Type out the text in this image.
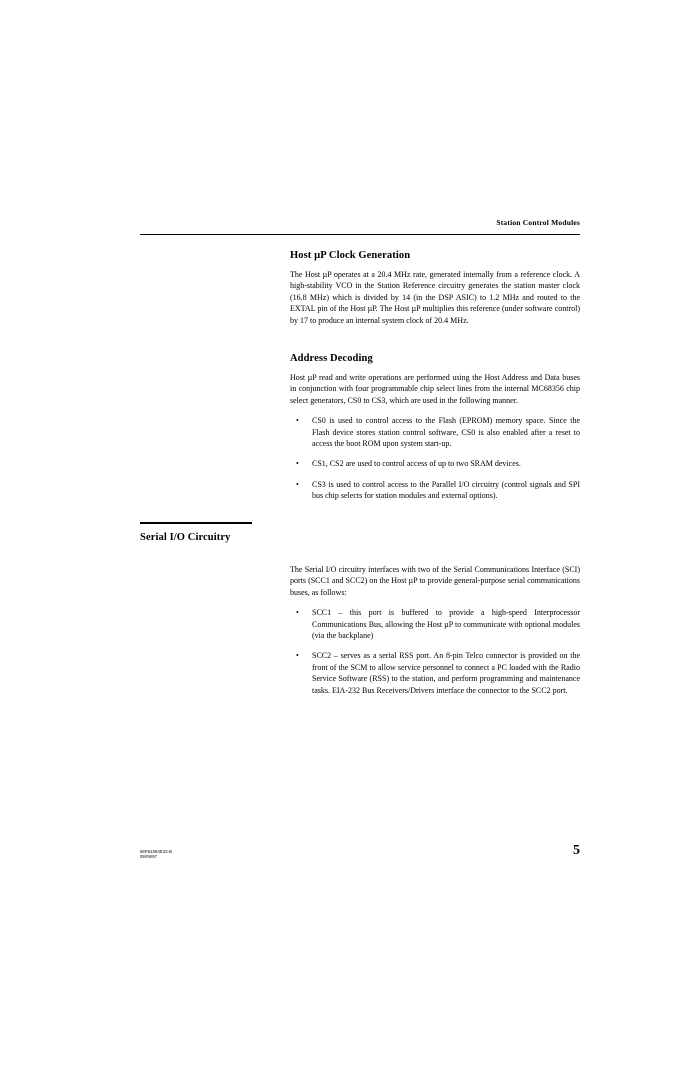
Station Control Modules
Host µP Clock Generation

The Host µP operates at a 20.4 MHz rate, generated internally from a reference clock. A high-stability VCO in the Station Reference circuitry generates the station master clock (16.8 MHz) which is divided by 14 (in the DSP ASIC) to 1.2 MHz and routed to the EXTAL pin of the Host µP. The Host µP multiplies this reference (under software control) by 17 to produce an internal system clock of 20.4 MHz.

Address Decoding

Host µP read and write operations are performed using the Host Address and Data buses in conjunction with four programmable chip select lines from the internal MC68356 chip select generators, CS0 to CS3, which are used in the following manner.

• CS0 is used to control access to the Flash (EPROM) memory space. Since the Flash device stores station control software, CS0 is also enabled after a reset to access the boot ROM upon system start-up.
• CS1, CS2 are used to control access of up to two SRAM devices.
• CS3 is used to control access to the Parallel I/O circuitry (control signals and SPI bus chip selects for station modules and external options).
Serial I/O Circuitry

The Serial I/O circuitry interfaces with two of the Serial Communications Interface (SCI) ports (SCC1 and SCC2) on the Host µP to provide general-purpose serial communications buses, as follows:

• SCC1 – this port is buffered to provide a high-speed Interprocessor Communications Bus, allowing the Host µP to communicate with optional modules (via the backplane)
• SCC2 – serves as a serial RSS port. An 8-pin Telco connector is provided on the front of the SCM to allow service personnel to connect a PC loaded with the Radio Service Software (RSS) to the station, and perform programming and maintenance tasks. EIA-232 Bus Receivers/Drivers interface the connector to the SCC2 port.
68P81094E32-B
09/09/97	5
